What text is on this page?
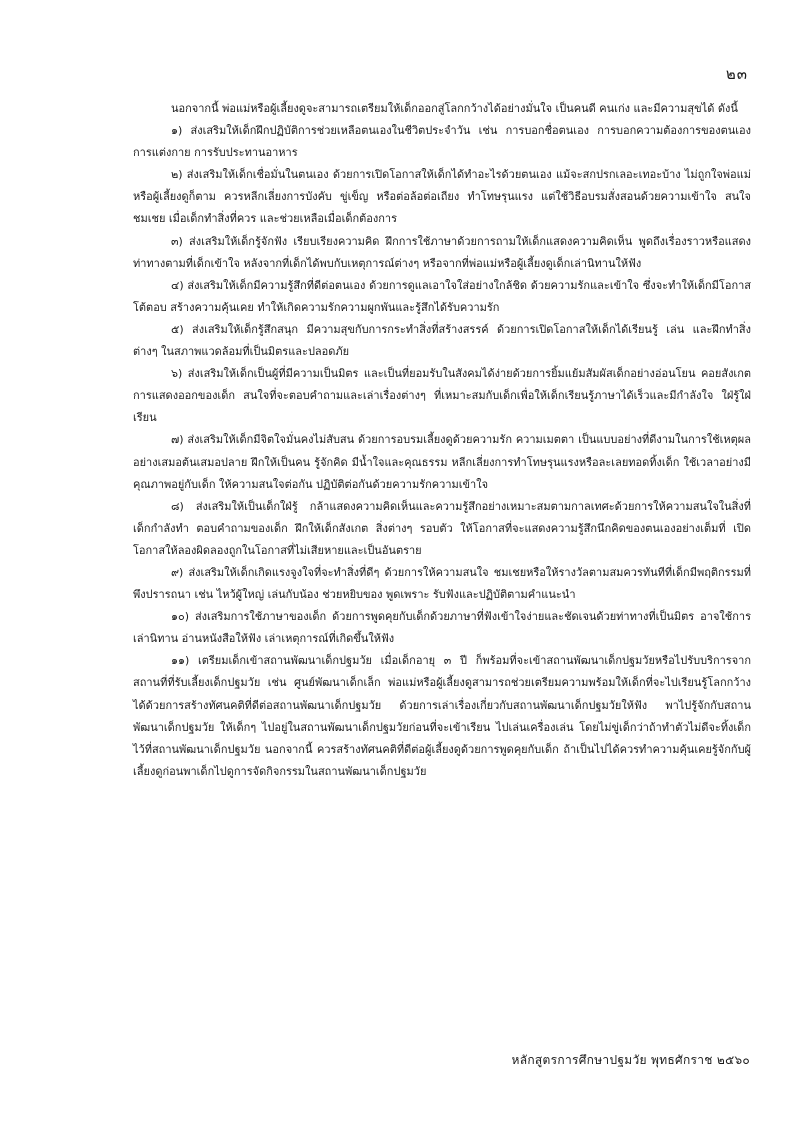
๒๓

นอกจากนี้ พ่อแม่หรือผู้เลี้ยงดูจะสามารถเตรียมให้เด็กออกสู่โลกกว้างได้อย่างมั่นใจ เป็นคนดี คนเก่ง และมีความสุขได้ ดังนี้

๑) ส่งเสริมให้เด็กฝึกปฏิบัติการช่วยเหลือตนเองในชีวิตประจำวัน เช่น การบอกชื่อตนเอง การบอกความต้องการของตนเอง การแต่งกาย การรับประทานอาหาร

๒) ส่งเสริมให้เด็กเชื่อมั่นในตนเอง ด้วยการเปิดโอกาสให้เด็กได้ทำอะไรด้วยตนเอง แม้จะสกปรกเลอะเทอะบ้าง ไม่ถูกใจพ่อแม่หรือผู้เลี้ยงดูก็ตาม ควรหลีกเลี่ยงการบังคับ ขู่เข็ญ หรือต่อล้อต่อเถียง ทำโทษรุนแรง แต่ใช้วิธีอบรมสั่งสอนด้วยความเข้าใจ สนใจ ชมเชย เมื่อเด็กทำสิ่งที่ควร และช่วยเหลือเมื่อเด็กต้องการ

๓) ส่งเสริมให้เด็กรู้จักฟัง เรียบเรียงความคิด ฝึกการใช้ภาษาด้วยการถามให้เด็กแสดงความคิดเห็น พูดถึงเรื่องราวหรือแสดงท่าทางตามที่เด็กเข้าใจ หลังจากที่เด็กได้พบกับเหตุการณ์ต่างๆ หรือจากที่พ่อแม่หรือผู้เลี้ยงดูเด็กเล่านิทานให้ฟัง

๔) ส่งเสริมให้เด็กมีความรู้สึกที่ดีต่อตนเอง ด้วยการดูแลเอาใจใส่อย่างใกล้ชิด ด้วยความรักและเข้าใจ ซึ่งจะทำให้เด็กมีโอกาสโต้ตอบ สร้างความคุ้นเคย ทำให้เกิดความรักความผูกพันและรู้สึกได้รับความรัก

๕) ส่งเสริมให้เด็กรู้สึกสนุก มีความสุขกับการกระทำสิ่งที่สร้างสรรค์ ด้วยการเปิดโอกาสให้เด็กได้เรียนรู้ เล่น และฝึกทำสิ่งต่างๆ ในสภาพแวดล้อมที่เป็นมิตรและปลอดภัย

๖) ส่งเสริมให้เด็กเป็นผู้ที่มีความเป็นมิตร และเป็นที่ยอมรับในสังคมได้ง่ายด้วยการยิ้มแย้มสัมผัสเด็กอย่างอ่อนโยน คอยสังเกตการแสดงออกของเด็ก สนใจที่จะตอบคำถามและเล่าเรื่องต่างๆ ที่เหมาะสมกับเด็กเพื่อให้เด็กเรียนรู้ภาษาได้เร็วและมีกำลังใจ ใฝ่รู้ใฝ่เรียน

๗) ส่งเสริมให้เด็กมีจิตใจมั่นคงไม่สับสน ด้วยการอบรมเลี้ยงดูด้วยความรัก ความเมตตา เป็นแบบอย่างที่ดีงามในการใช้เหตุผลอย่างเสมอต้นเสมอปลาย ฝึกให้เป็นคน รู้จักคิด มีน้ำใจและคุณธรรม หลีกเลี่ยงการทำโทษรุนแรงหรือละเลยทอดทิ้งเด็ก ใช้เวลาอย่างมีคุณภาพอยู่กับเด็ก ให้ความสนใจต่อกัน ปฏิบัติต่อกันด้วยความรักความเข้าใจ

๘) ส่งเสริมให้เป็นเด็กใฝ่รู้ กล้าแสดงความคิดเห็นและความรู้สึกอย่างเหมาะสมตามกาลเทศะด้วยการให้ความสนใจในสิ่งที่เด็กกำลังทำ ตอบคำถามของเด็ก ฝึกให้เด็กสังเกต สิ่งต่างๆ รอบตัว ให้โอกาสที่จะแสดงความรู้สึกนึกคิดของตนเองอย่างเต็มที่ เปิดโอกาสให้ลองผิดลองถูกในโอกาสที่ไม่เสียหายและเป็นอันตราย

๙) ส่งเสริมให้เด็กเกิดแรงจูงใจที่จะทำสิ่งที่ดีๆ ด้วยการให้ความสนใจ ชมเชยหรือให้รางวัลตามสมควรทันทีที่เด็กมีพฤติกรรมที่พึงปรารถนา เช่น ไหว้ผู้ใหญ่ เล่นกับน้อง ช่วยหยิบของ พูดเพราะ รับฟังและปฏิบัติตามคำแนะนำ

๑๐) ส่งเสริมการใช้ภาษาของเด็ก ด้วยการพูดคุยกับเด็กด้วยภาษาที่ฟังเข้าใจง่ายและชัดเจนด้วยท่าทางที่เป็นมิตร อาจใช้การเล่านิทาน อ่านหนังสือให้ฟัง เล่าเหตุการณ์ที่เกิดขึ้นให้ฟัง

๑๑) เตรียมเด็กเข้าสถานพัฒนาเด็กปฐมวัย เมื่อเด็กอายุ ๓ ปี ก็พร้อมที่จะเข้าสถานพัฒนาเด็กปฐมวัยหรือไปรับบริการจากสถานที่ที่รับเลี้ยงเด็กปฐมวัย เช่น ศูนย์พัฒนาเด็กเล็ก พ่อแม่หรือผู้เลี้ยงดูสามารถช่วยเตรียมความพร้อมให้เด็กที่จะไปเรียนรู้โลกกว้าง ได้ด้วยการสร้างทัศนคติที่ดีต่อสถานพัฒนาเด็กปฐมวัย ด้วยการเล่าเรื่องเกี่ยวกับสถานพัฒนาเด็กปฐมวัยให้ฟัง พาไปรู้จักกับสถานพัฒนาเด็กปฐมวัย ให้เด็กๆ ไปอยู่ในสถานพัฒนาเด็กปฐมวัยก่อนที่จะเข้าเรียน ไปเล่นเครื่องเล่น โดยไม่ขู่เด็กว่าถ้าทำตัวไม่ดีจะทิ้งเด็กไว้ที่สถานพัฒนาเด็กปฐมวัย นอกจากนี้ ควรสร้างทัศนคติที่ดีต่อผู้เลี้ยงดูด้วยการพูดคุยกับเด็ก ถ้าเป็นไปได้ควรทำความคุ้นเคยรู้จักกับผู้เลี้ยงดูก่อนพาเด็กไปดูการจัดกิจกรรมในสถานพัฒนาเด็กปฐมวัย

หลักสูตรการศึกษาปฐมวัย พุทธศักราช ๒๕๖๐
